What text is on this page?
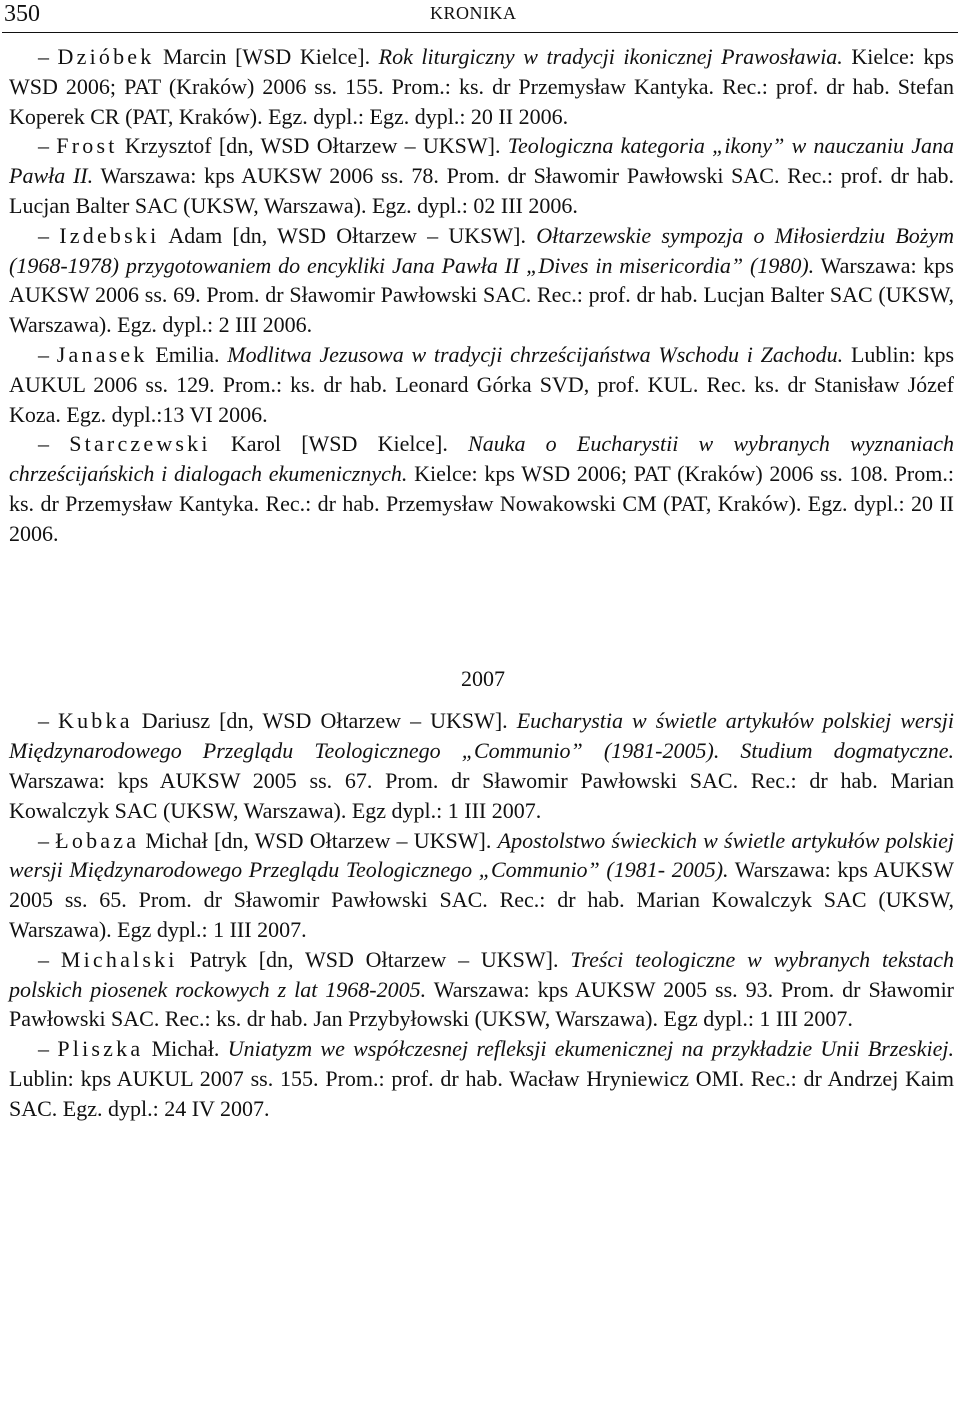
350	KRONIKA

– Dzióbek Marcin [WSD Kielce]. Rok liturgiczny w tradycji ikonicznej Prawosławia. Kielce: kps WSD 2006; PAT (Kraków) 2006 ss. 155. Prom.: ks. dr Przemysław Kantyka. Rec.: prof. dr hab. Stefan Koperek CR (PAT, Kraków). Egz. dypl.: Egz. dypl.: 20 II 2006.

– Frost Krzysztof [dn, WSD Ołtarzew – UKSW]. Teologiczna kategoria „ikony” w nauczaniu Jana Pawła II. Warszawa: kps AUKSW 2006 ss. 78. Prom. dr Sławomir Pawłowski SAC. Rec.: prof. dr hab. Lucjan Balter SAC (UKSW, Warszawa). Egz. dypl.: 02 III 2006.

– Izdebski Adam [dn, WSD Ołtarzew – UKSW]. Ołtarzewskie sympozja o Miłosierdziu Bożym (1968-1978) przygotowaniem do encykliki Jana Pawła II „Dives in misericordia” (1980). Warszawa: kps AUKSW 2006 ss. 69. Prom. dr Sławomir Pawłowski SAC. Rec.: prof. dr hab. Lucjan Balter SAC (UKSW, Warszawa). Egz. dypl.: 2 III 2006.

– Janasek Emilia. Modlitwa Jezusowa w tradycji chrześcijaństwa Wschodu i Zachodu. Lublin: kps AUKUL 2006 ss. 129. Prom.: ks. dr hab. Leonard Górka SVD, prof. KUL. Rec. ks. dr Stanisław Józef Koza. Egz. dypl.:13 VI 2006.

– Starczewski Karol [WSD Kielce]. Nauka o Eucharystii w wybranych wyznaniach chrześcijańskich i dialogach ekumenicznych. Kielce: kps WSD 2006; PAT (Kraków) 2006 ss. 108. Prom.: ks. dr Przemysław Kantyka. Rec.: dr hab. Przemysław Nowakowski CM (PAT, Kraków). Egz. dypl.: 20 II 2006.

2007

– Kubka Dariusz [dn, WSD Ołtarzew – UKSW]. Eucharystia w świetle artykułów polskiej wersji Międzynarodowego Przeglądu Teologicznego „Communio” (1981-2005). Studium dogmatyczne. Warszawa: kps AUKSW 2005 ss. 67. Prom. dr Sławomir Pawłowski SAC. Rec.: dr hab. Marian Kowalczyk SAC (UKSW, Warszawa). Egz dypl.: 1 III 2007.

– Łobaza Michał [dn, WSD Ołtarzew – UKSW]. Apostolstwo świeckich w świetle artykułów polskiej wersji Międzynarodowego Przeglądu Teologicznego „Communio” (1981- 2005). Warszawa: kps AUKSW 2005 ss. 65. Prom. dr Sławomir Pawłowski SAC. Rec.: dr hab. Marian Kowalczyk SAC (UKSW, Warszawa). Egz dypl.: 1 III 2007.

– Michalski Patryk [dn, WSD Ołtarzew – UKSW]. Treści teologiczne w wybranych tekstach polskich piosenek rockowych z lat 1968-2005. Warszawa: kps AUKSW 2005 ss. 93. Prom. dr Sławomir Pawłowski SAC. Rec.: ks. dr hab. Jan Przybyłowski (UKSW, Warszawa). Egz dypl.: 1 III 2007.

– Pliszka Michał. Uniatyzm we współczesnej refleksji ekumenicznej na przykładzie Unii Brzeskiej. Lublin: kps AUKUL 2007 ss. 155. Prom.: prof. dr hab. Wacław Hryniewicz OMI. Rec.: dr Andrzej Kaim SAC. Egz. dypl.: 24 IV 2007.
